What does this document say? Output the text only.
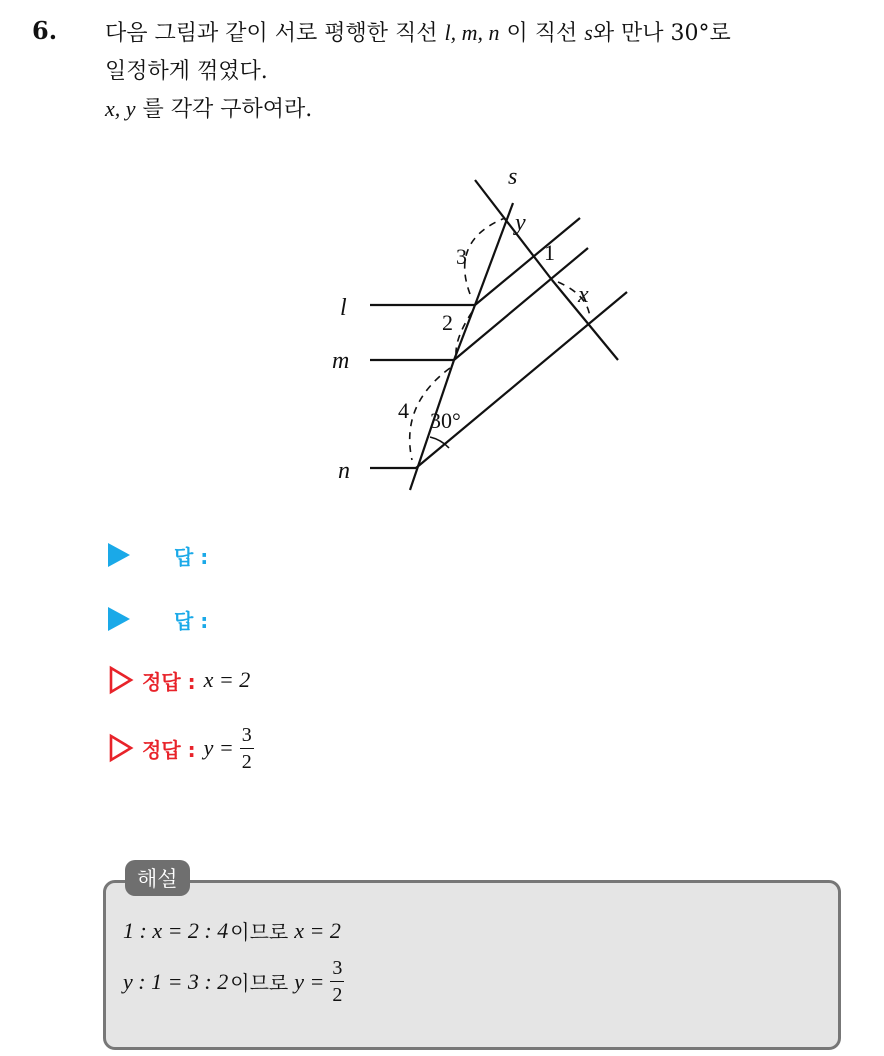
6. 다음 그림과 같이 서로 평행한 직선 l, m, n 이 직선 s와 만나 30°로
일정하게 꺾였다.
x, y 를 각각 구하여라.
s
y
3	1
x
l
2
m
4 30°
n
답 :
답 :
정답 : x = 2
정답 : $y = \frac{3}{2}$
해설
1 : x = 2 : 4 이므로 x = 2
y : 1 = 3 : 2 이므로 $y = \frac{3}{2}$
